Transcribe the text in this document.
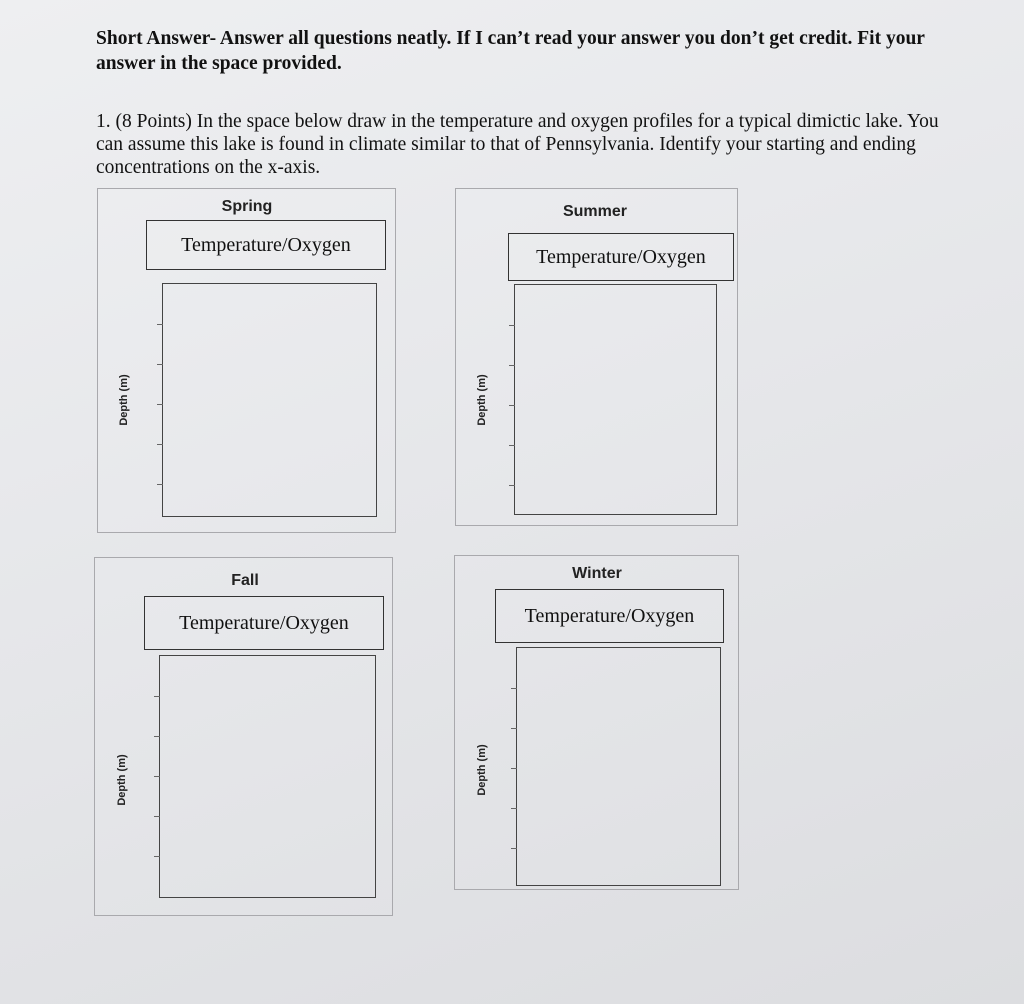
Short Answer- Answer all questions neatly. If I can’t read your answer you don’t get credit. Fit your answer in the space provided.

1. (8 Points) In the space below draw in the temperature and oxygen profiles for a typical dimictic lake. You can assume this lake is found in climate similar to that of Pennsylvania. Identify your starting and ending concentrations on the x-axis.

Spring
Temperature/Oxygen
Depth (m)
Summer
Temperature/Oxygen
Depth (m)
Fall
Temperature/Oxygen
Depth (m)
Winter
Temperature/Oxygen
Depth (m)
